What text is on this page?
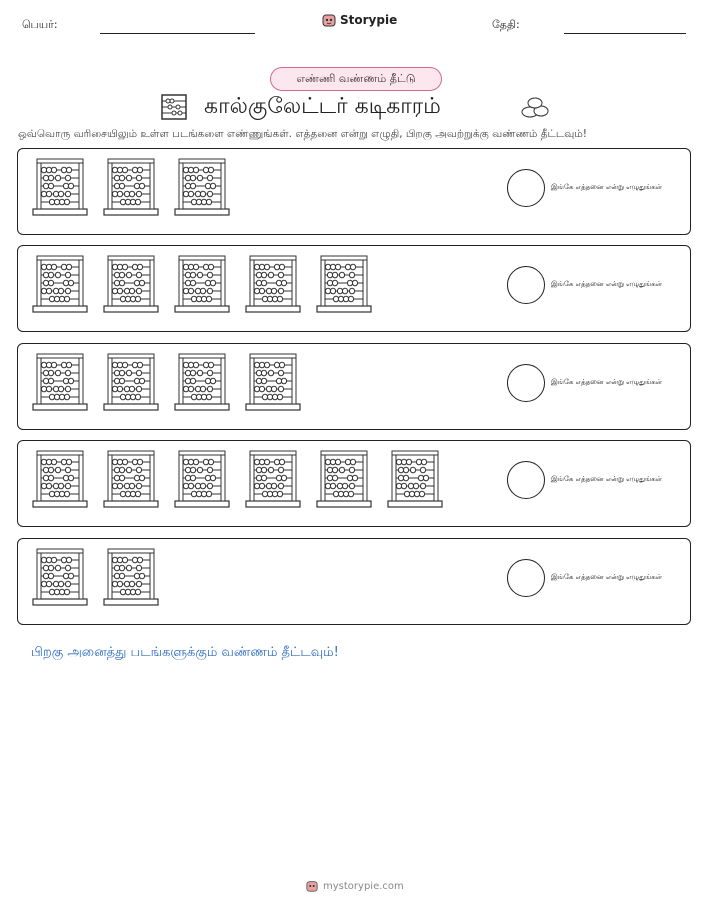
பெயர்:	Storypie	தேதி:
எண்ணி வண்ணம் தீட்டு
கால்குலேட்டர் கடிகாரம்
ஒவ்வொரு வரிசையிலும் உள்ள படங்களை எண்ணுங்கள். எத்தனை என்று எழுதி, பிறகு அவற்றுக்கு வண்ணம் தீட்டவும்!
இங்கே எத்தனை என்று எழுதுங்கள்
இங்கே எத்தனை என்று எழுதுங்கள்
இங்கே எத்தனை என்று எழுதுங்கள்
இங்கே எத்தனை என்று எழுதுங்கள்
இங்கே எத்தனை என்று எழுதுங்கள்
பிறகு அனைத்து படங்களுக்கும் வண்ணம் தீட்டவும்!
mystorypie.com
